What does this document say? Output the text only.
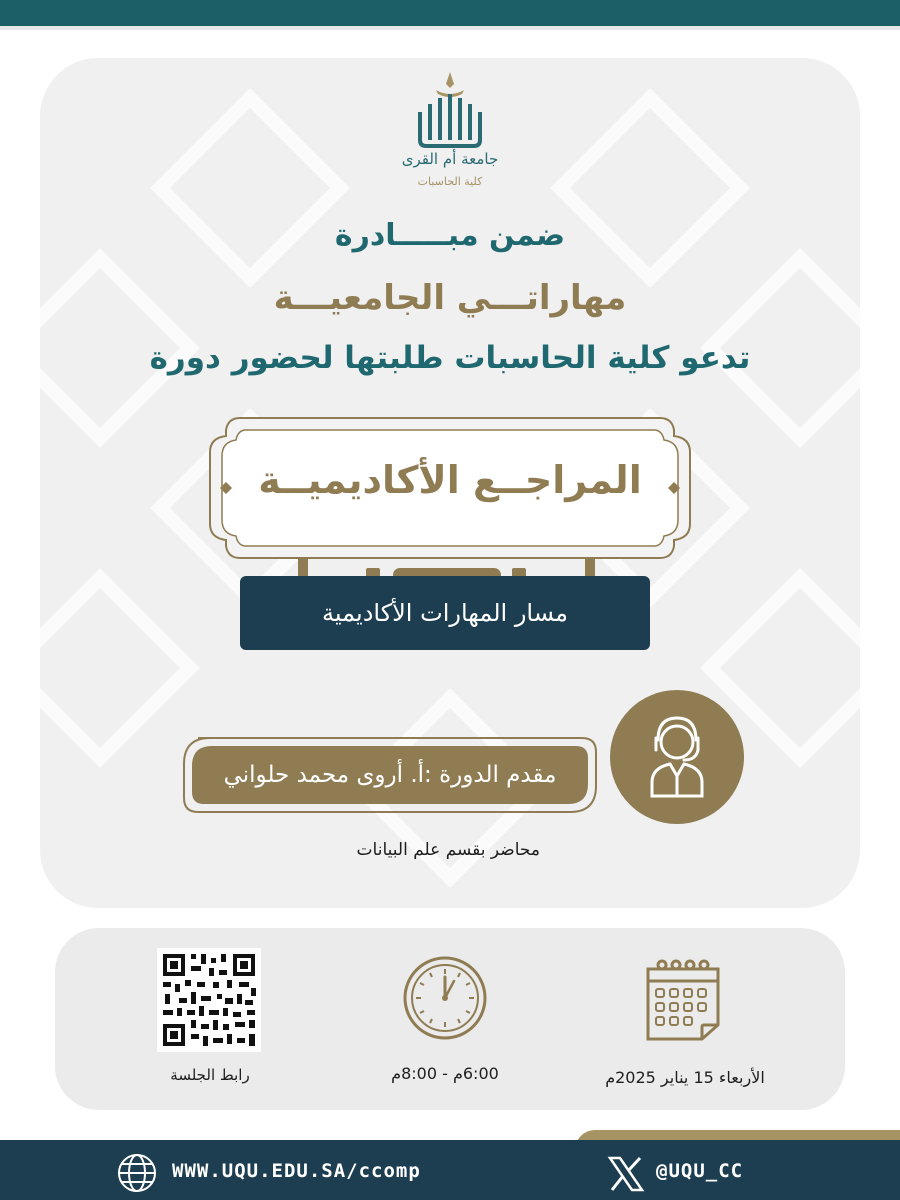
جامعة أم القرى
كلية الحاسبات
ضمن مبـــــادرة
مهاراتـــي الجامعيـــة
تدعو كلية الحاسبات طلبتها لحضور دورة
المراجــع الأكاديميــة
مسار المهارات الأكاديمية
مقدم الدورة :أ. أروى محمد حلواني
محاضر بقسم علم البيانات
الأربعاء 15 يناير 2025م
6:00م - 8:00م
رابط الجلسة
WWW.UQU.EDU.SA/ccomp	@UQU_CC
